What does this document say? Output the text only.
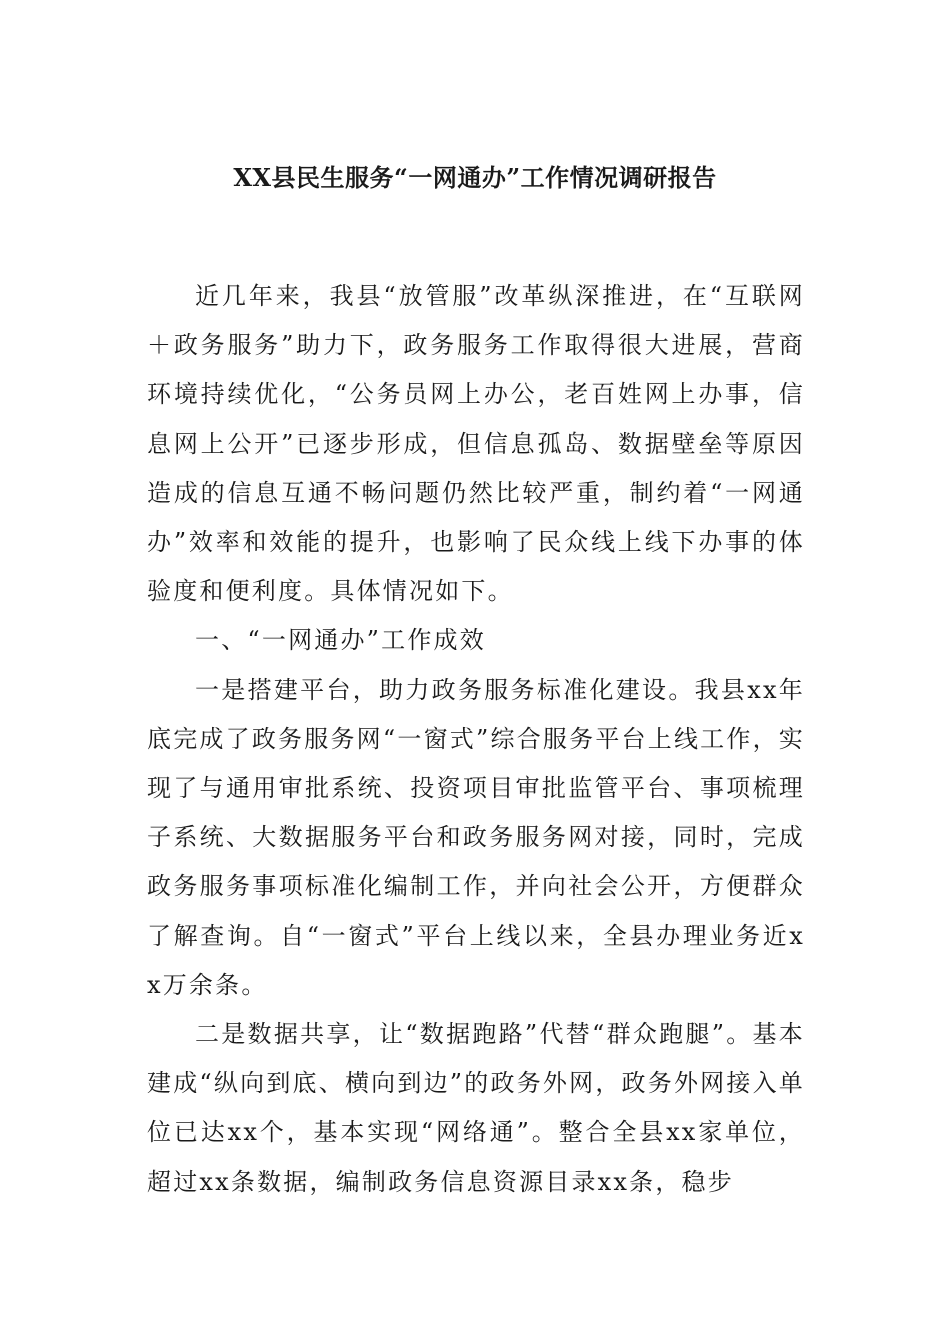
XX县民生服务“一网通办”工作情况调研报告

近几年来，我县“放管服”改革纵深推进，在“互联网＋政务服务”助力下，政务服务工作取得很大进展，营商环境持续优化，“公务员网上办公，老百姓网上办事，信息网上公开”已逐步形成，但信息孤岛、数据壁垒等原因造成的信息互通不畅问题仍然比较严重，制约着“一网通办”效率和效能的提升，也影响了民众线上线下办事的体验度和便利度。具体情况如下。

一、“一网通办”工作成效

一是搭建平台，助力政务服务标准化建设。我县xx年底完成了政务服务网“一窗式”综合服务平台上线工作，实现了与通用审批系统、投资项目审批监管平台、事项梳理子系统、大数据服务平台和政务服务网对接，同时，完成政务服务事项标准化编制工作，并向社会公开，方便群众了解查询。自“一窗式”平台上线以来，全县办理业务近xx万余条。

二是数据共享，让“数据跑路”代替“群众跑腿”。基本建成“纵向到底、横向到边”的政务外网，政务外网接入单位已达xx个，基本实现“网络通”。整合全县xx家单位，超过xx条数据，编制政务信息资源目录xx条，稳步
